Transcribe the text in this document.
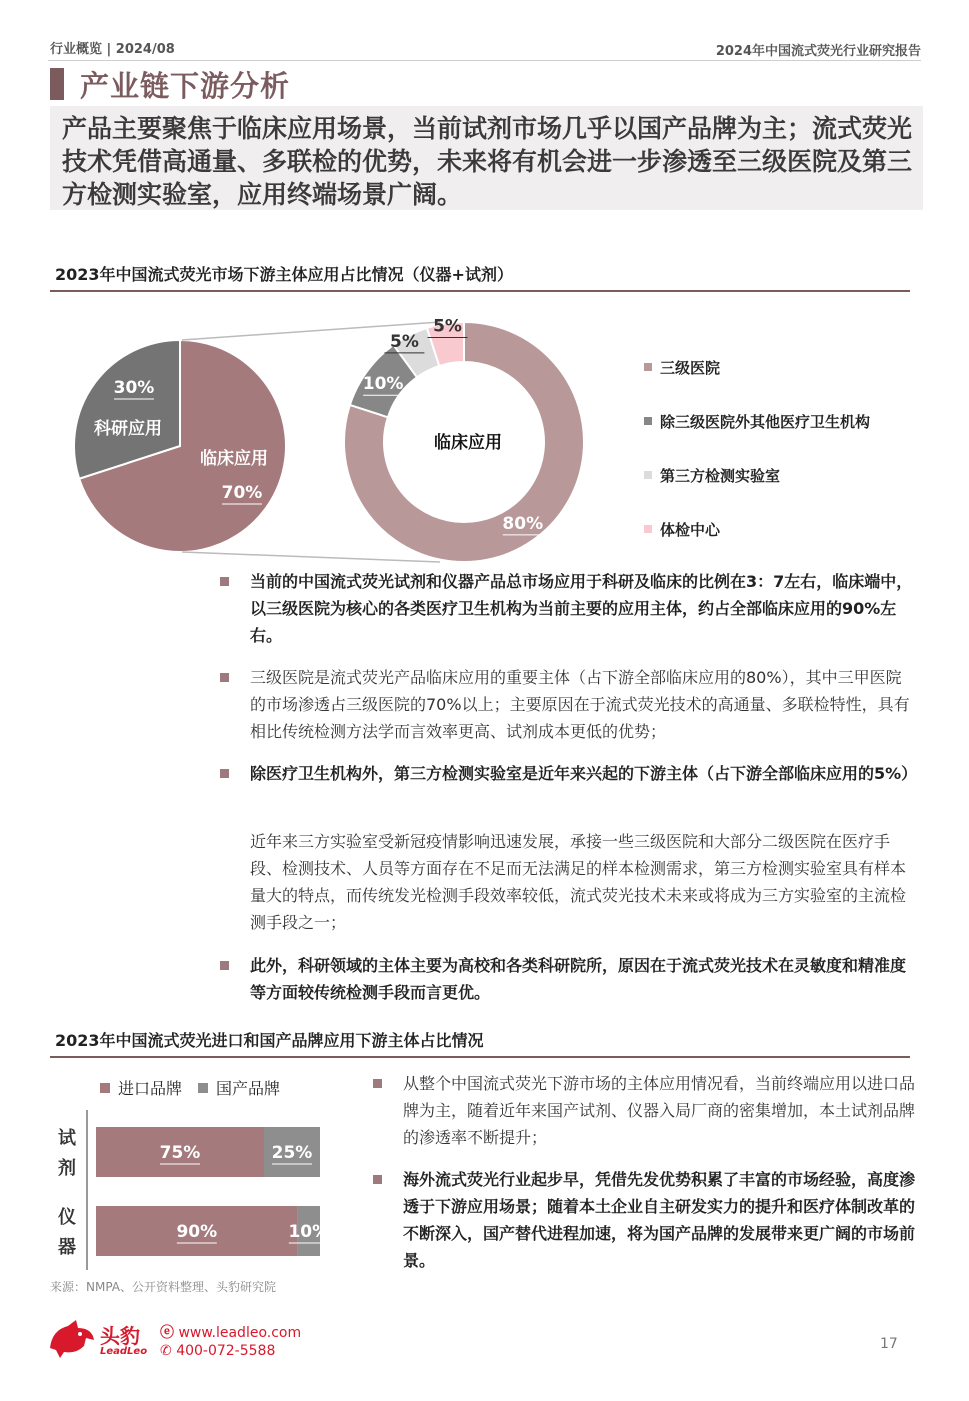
行业概览 | 2024/08	2024年中国流式荧光行业研究报告
产业链下游分析
产品主要聚焦于临床应用场景，当前试剂市场几乎以国产品牌为主；流式荧光技术凭借高通量、多联检的优势，未来将有机会进一步渗透至三级医院及第三方检测实验室，应用终端场景广阔。
2023年中国流式荧光市场下游主体应用占比情况（仪器+试剂）
临床应用
70%
30%
科研应用
80%
10%
5%
5%
临床应用
三级医院
除三级医院外其他医疗卫生机构
第三方检测实验室
体检中心
当前的中国流式荧光试剂和仪器产品总市场应用于科研及临床的比例在3：7左右，临床端中，以三级医院为核心的各类医疗卫生机构为当前主要的应用主体，约占全部临床应用的90%左右。
三级医院是流式荧光产品临床应用的重要主体（占下游全部临床应用的80%），其中三甲医院的市场渗透占三级医院的70%以上；主要原因在于流式荧光技术的高通量、多联检特性，具有相比传统检测方法学而言效率更高、试剂成本更低的优势；
除医疗卫生机构外，第三方检测实验室是近年来兴起的下游主体（占下游全部临床应用的5%）
近年来三方实验室受新冠疫情影响迅速发展，承接一些三级医院和大部分二级医院在医疗手段、检测技术、人员等方面存在不足而无法满足的样本检测需求，第三方检测实验室具有样本量大的特点，而传统发光检测手段效率较低，流式荧光技术未来或将成为三方实验室的主流检测手段之一；
此外，科研领域的主体主要为高校和各类科研院所，原因在于流式荧光技术在灵敏度和精准度等方面较传统检测手段而言更优。
2023年中国流式荧光进口和国产品牌应用下游主体占比情况
进口品牌 国产品牌
试剂
仪器
75%	25%
90%	10%
从整个中国流式荧光下游市场的主体应用情况看，当前终端应用以进口品牌为主，随着近年来国产试剂、仪器入局厂商的密集增加，本土试剂品牌的渗透率不断提升；
海外流式荧光行业起步早，凭借先发优势积累了丰富的市场经验，高度渗透于下游应用场景；随着本土企业自主研发实力的提升和医疗体制改革的不断深入，国产替代进程加速，将为国产品牌的发展带来更广阔的市场前景。
来源：NMPA、公开资料整理、头豹研究院
头豹
LeadLeo
ⓔ www.leadleo.com
✆ 400-072-5588	17
